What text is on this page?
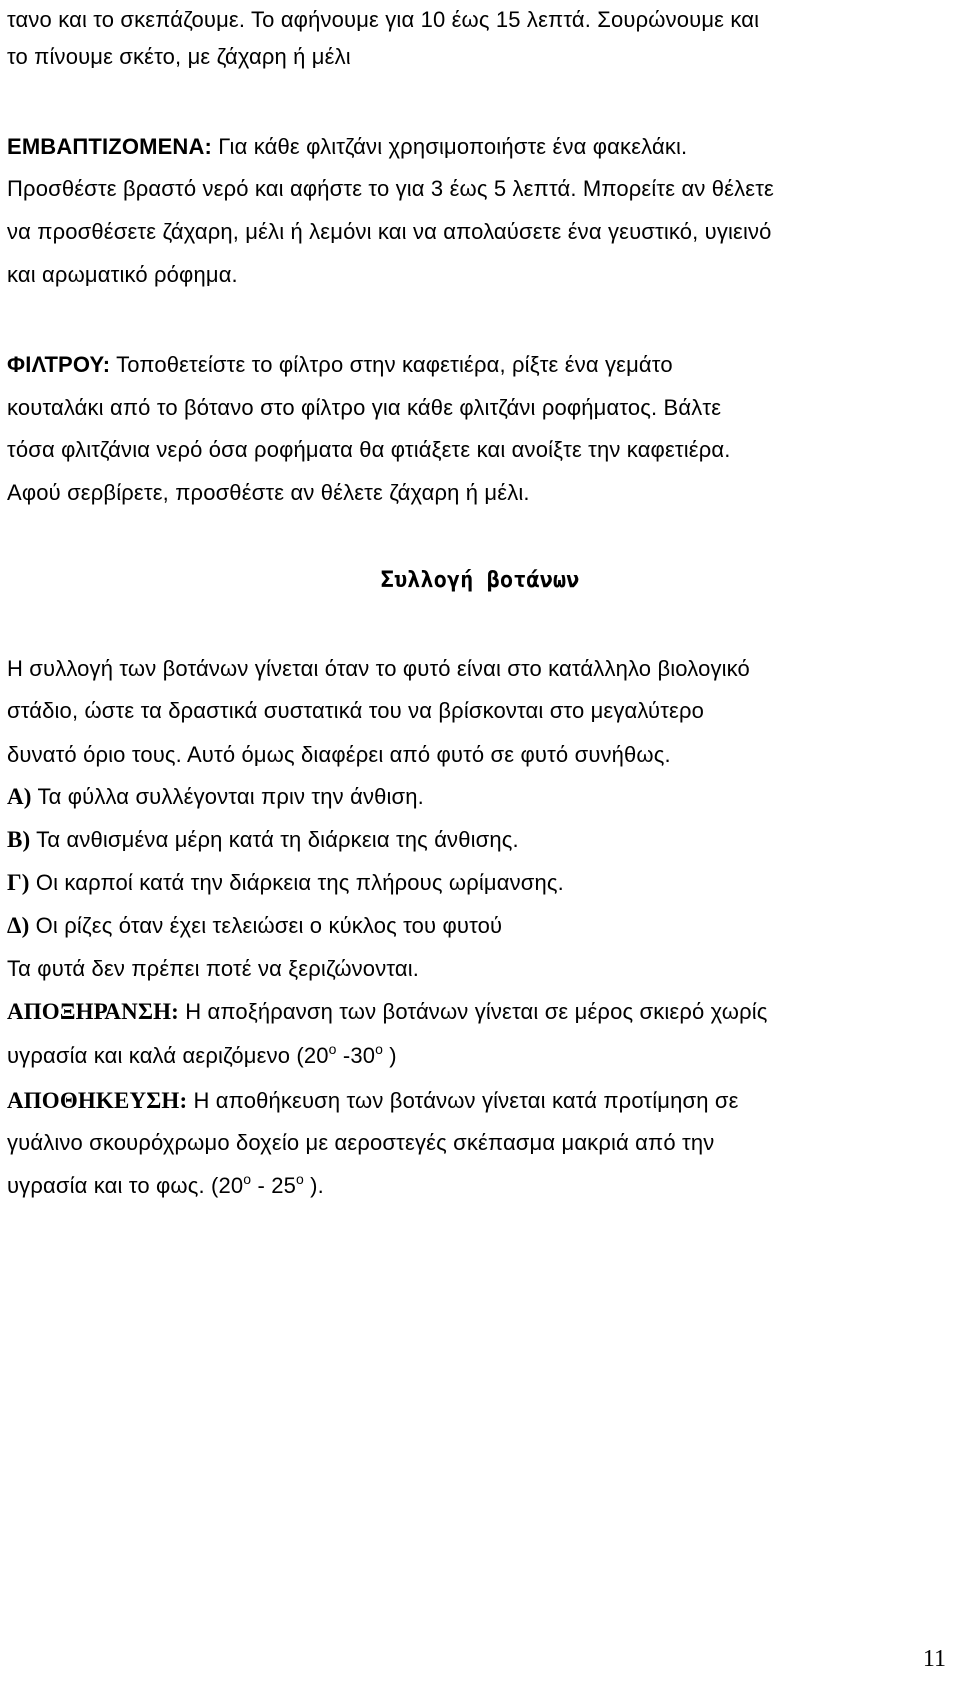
τανο και το σκεπάζουμε. Το αφήνουμε για 10 έως 15 λεπτά. Σουρώνουμε και
το πίνουμε σκέτο, με ζάχαρη ή μέλι
ΕΜΒΑΠΤΙΖΟΜΕΝΑ: Για κάθε φλιτζάνι χρησιμοποιήστε ένα φακελάκι.
Προσθέστε βραστό νερό και αφήστε το για 3 έως 5 λεπτά. Μπορείτε αν θέλετε
να προσθέσετε ζάχαρη, μέλι ή λεμόνι και να απολαύσετε ένα γευστικό, υγιεινό
και αρωματικό ρόφημα.
ΦΙΛΤΡΟΥ: Τοποθετείστε το φίλτρο στην καφετιέρα, ρίξτε ένα γεμάτο
κουταλάκι από το βότανο στο φίλτρο για κάθε φλιτζάνι ροφήματος. Βάλτε
τόσα φλιτζάνια νερό όσα ροφήματα θα φτιάξετε και ανοίξτε την καφετιέρα.
Αφού σερβίρετε, προσθέστε αν θέλετε ζάχαρη ή μέλι.
Συλλογή βοτάνων
Η συλλογή των βοτάνων γίνεται όταν το φυτό είναι στο κατάλληλο βιολογικό
στάδιο, ώστε τα δραστικά συστατικά του να βρίσκονται στο μεγαλύτερο
δυνατό όριο τους. Αυτό όμως διαφέρει από φυτό σε φυτό συνήθως.
Α) Τα φύλλα συλλέγονται πριν την άνθιση.
Β) Τα ανθισμένα μέρη κατά τη διάρκεια της άνθισης.
Γ) Οι καρποί κατά την διάρκεια της πλήρους ωρίμανσης.
Δ) Οι ρίζες όταν έχει τελειώσει ο κύκλος του φυτού
Τα φυτά δεν πρέπει ποτέ να ξεριζώνονται.
ΑΠΟΞΗΡΑΝΣΗ: Η αποξήρανση των βοτάνων γίνεται σε μέρος σκιερό χωρίς
υγρασία και καλά αεριζόμενο ($20^o$ $-30^o$ )
ΑΠΟΘΗΚΕΥΣΗ: Η αποθήκευση των βοτάνων γίνεται κατά προτίμηση σε
γυάλινο σκουρόχρωμο δοχείο με αεροστεγές σκέπασμα μακριά από την
υγρασία και το φως. ($20^o - 25^o$ ).
11
